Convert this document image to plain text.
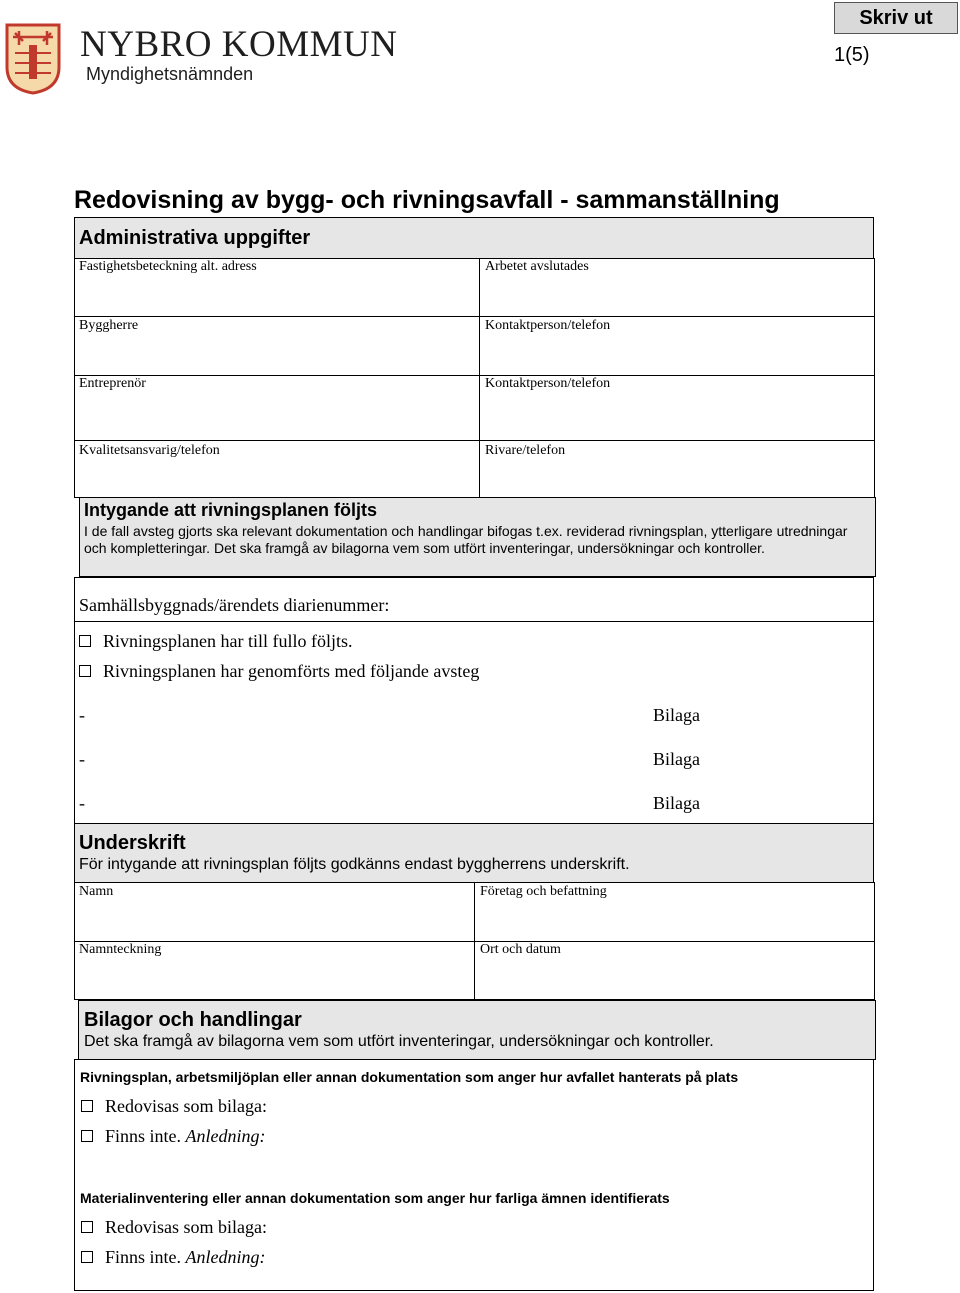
NYBRO KOMMUN
Myndighetsnämnden
Skriv ut
1(5)
Redovisning av bygg- och rivningsavfall - sammanställning
Administrativa uppgifter
Fastighetsbeteckning alt. adress	Arbetet avslutades
Byggherre	Kontaktperson/telefon
Entreprenör	Kontaktperson/telefon
Kvalitetsansvarig/telefon	Rivare/telefon
Intygande att rivningsplanen följts
I de fall avsteg gjorts ska relevant dokumentation och handlingar bifogas t.ex. reviderad rivningsplan, ytterligare utredningar och kompletteringar. Det ska framgå av bilagorna vem som utfört inventeringar, undersökningar och kontroller.
Samhällsbyggnads/ärendets diarienummer:
Rivningsplanen har till fullo följts.
Rivningsplanen har genomförts med följande avsteg
-	Bilaga
-	Bilaga
-	Bilaga
Underskrift
För intygande att rivningsplan följts godkänns endast byggherrens underskrift.
Namn	Företag och befattning
Namnteckning	Ort och datum
Bilagor och handlingar
Det ska framgå av bilagorna vem som utfört inventeringar, undersökningar och kontroller.
Rivningsplan, arbetsmiljöplan eller annan dokumentation som anger hur avfallet hanterats på plats
Redovisas som bilaga:
Finns inte. Anledning:
Materialinventering eller annan dokumentation som anger hur farliga ämnen identifierats
Redovisas som bilaga:
Finns inte. Anledning:
